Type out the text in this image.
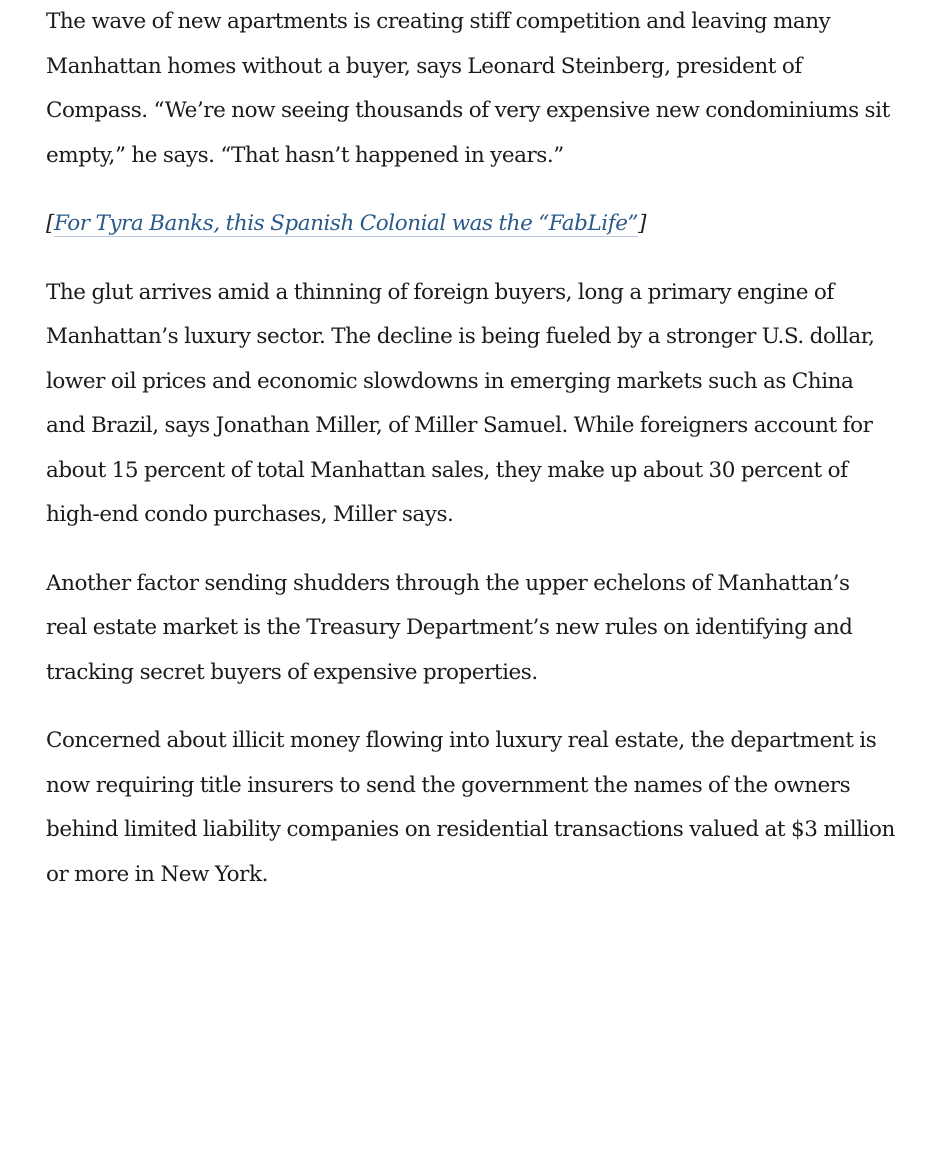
The wave of new apartments is creating stiff competition and leaving many Manhattan homes without a buyer, says Leonard Steinberg, president of Compass. “We’re now seeing thousands of very expensive new condominiums sit empty,” he says. “That hasn’t happened in years.”

[For Tyra Banks, this Spanish Colonial was the “FabLife”]

The glut arrives amid a thinning of foreign buyers, long a primary engine of Manhattan’s luxury sector. The decline is being fueled by a stronger U.S. dollar, lower oil prices and economic slowdowns in emerging markets such as China and Brazil, says Jonathan Miller, of Miller Samuel. While foreigners account for about 15 percent of total Manhattan sales, they make up about 30 percent of high-end condo purchases, Miller says.

Another factor sending shudders through the upper echelons of Manhattan’s real estate market is the Treasury Department’s new rules on identifying and tracking secret buyers of expensive properties.

Concerned about illicit money flowing into luxury real estate, the department is now requiring title insurers to send the government the names of the owners behind limited liability companies on residential transactions valued at $3 million or more in New York.
